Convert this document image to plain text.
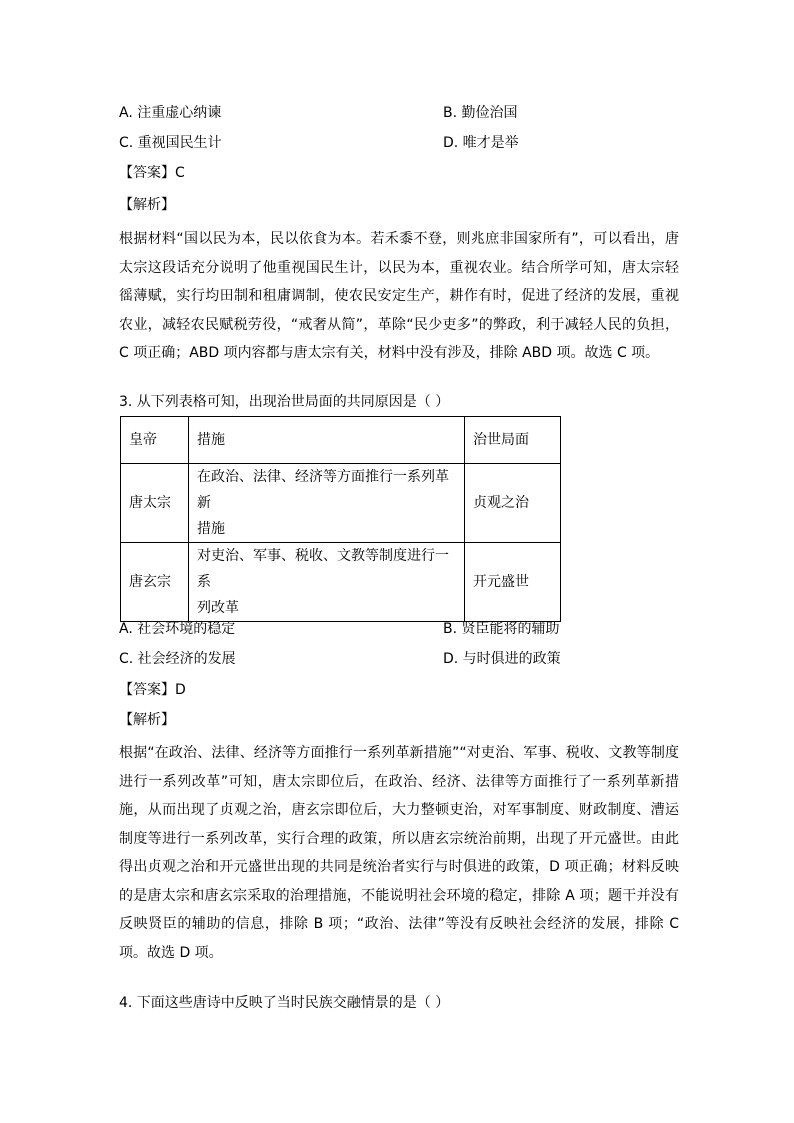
A. 注重虚心纳谏	B. 勤俭治国
C. 重视国民生计	D. 唯才是举
【答案】C
【解析】
根据材料“国以民为本，民以依食为本。若禾黍不登，则兆庶非国家所有”，可以看出，唐
太宗这段话充分说明了他重视国民生计，以民为本，重视农业。结合所学可知，唐太宗轻
徭薄赋，实行均田制和租庸调制，使农民安定生产，耕作有时，促进了经济的发展，重视
农业，减轻农民赋税劳役，“戒奢从简”，革除“民少吏多”的弊政，利于减轻人民的负担，
C 项正确；ABD 项内容都与唐太宗有关，材料中没有涉及，排除 ABD 项。故选 C 项。
3. 从下列表格可知，出现治世局面的共同原因是（ ）
皇帝	措施	治世局面
唐太宗	在政治、法律、经济等方面推行一系列革新
措施	贞观之治
唐玄宗	对吏治、军事、税收、文教等制度进行一系
列改革	开元盛世
A. 社会环境的稳定	B. 贤臣能将的辅助
C. 社会经济的发展	D. 与时俱进的政策
【答案】D
【解析】
根据“在政治、法律、经济等方面推行一系列革新措施”“对吏治、军事、税收、文教等制度
进行一系列改革”可知，唐太宗即位后，在政治、经济、法律等方面推行了一系列革新措
施，从而出现了贞观之治，唐玄宗即位后，大力整顿吏治，对军事制度、财政制度、漕运
制度等进行一系列改革，实行合理的政策，所以唐玄宗统治前期，出现了开元盛世。由此
得出贞观之治和开元盛世出现的共同是统治者实行与时俱进的政策，D 项正确；材料反映
的是唐太宗和唐玄宗采取的治理措施，不能说明社会环境的稳定，排除 A 项；题干并没有
反映贤臣的辅助的信息，排除 B 项；“政治、法律”等没有反映社会经济的发展，排除 C
项。故选 D 项。
4. 下面这些唐诗中反映了当时民族交融情景的是（ ）
